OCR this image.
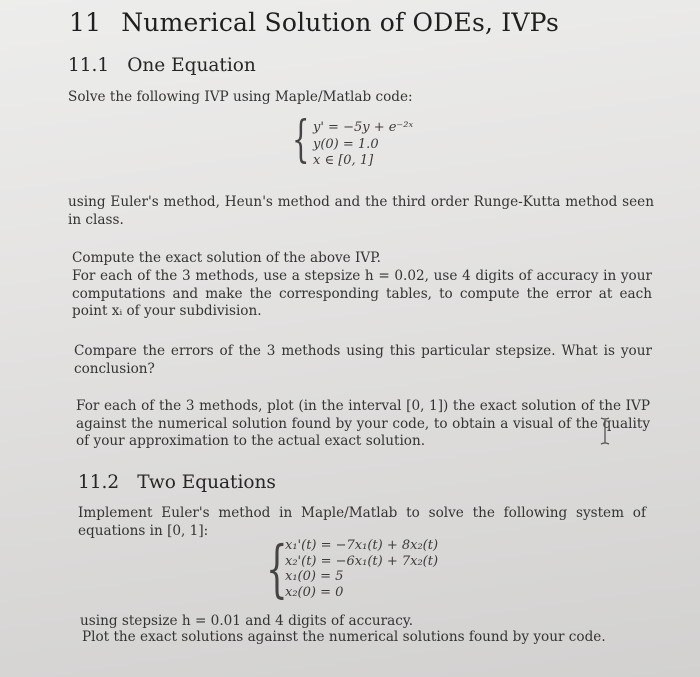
11 Numerical Solution of ODEs, IVPs
11.1 One Equation
Solve the following IVP using Maple/Matlab code:
{ y' = −5y + e⁻²ˣ
y(0) = 1.0
x ∈ [0, 1]
using Euler's method, Heun's method and the third order Runge-Kutta method seen in class.
Compute the exact solution of the above IVP.
For each of the 3 methods, use a stepsize h = 0.02, use 4 digits of accuracy in your computations and make the corresponding tables, to compute the error at each point xᵢ of your subdivision.
Compare the errors of the 3 methods using this particular stepsize. What is your conclusion?
For each of the 3 methods, plot (in the interval [0, 1]) the exact solution of the IVP against the numerical solution found by your code, to obtain a visual of the quality of your approximation to the actual exact solution.
11.2 Two Equations
Implement Euler's method in Maple/Matlab to solve the following system of equations in [0, 1]:
{
x₁'(t) = −7x₁(t) + 8x₂(t)
x₂'(t) = −6x₁(t) + 7x₂(t)
x₁(0) = 5
x₂(0) = 0
using stepsize h = 0.01 and 4 digits of accuracy.
Plot the exact solutions against the numerical solutions found by your code.
